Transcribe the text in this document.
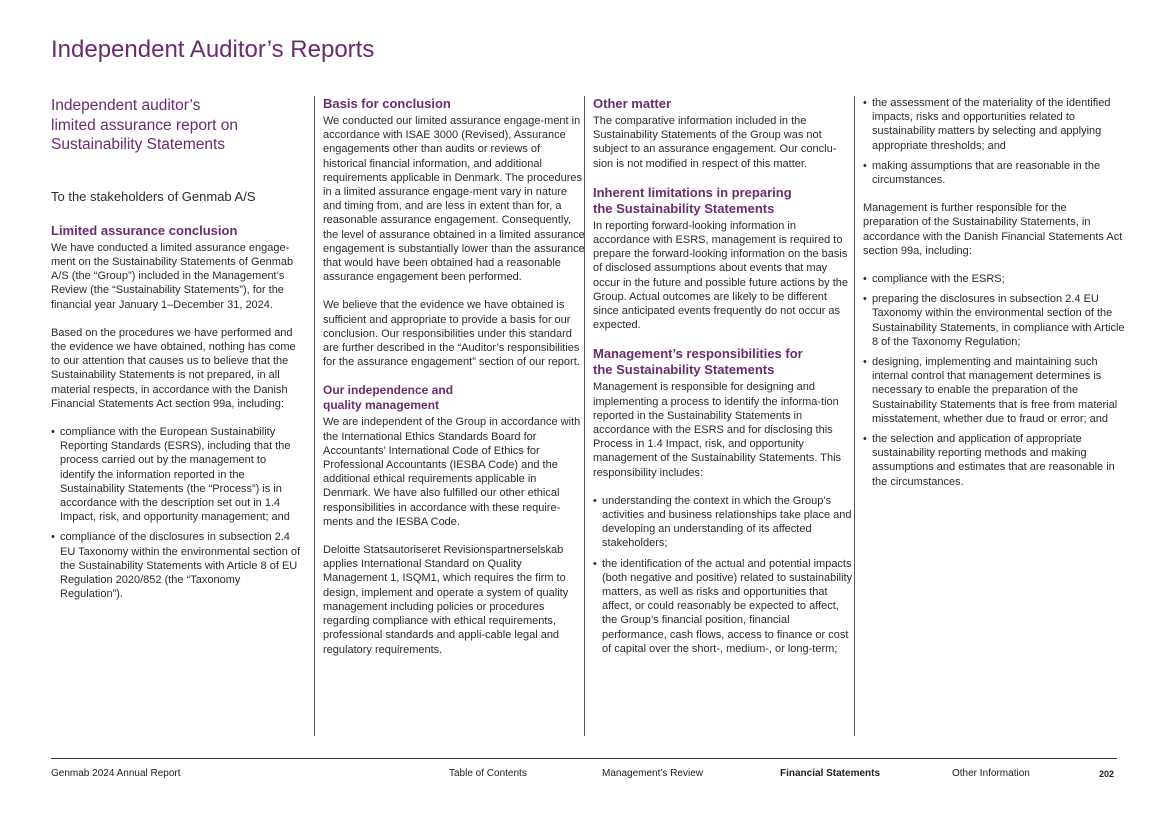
Independent Auditor’s Reports
Independent auditor’s
limited assurance report on
Sustainability Statements

To the stakeholders of Genmab A/S

Limited assurance conclusion

We have conducted a limited assurance engage-ment on the Sustainability Statements of Genmab A/S (the “Group”) included in the Management’s Review (the “Sustainability Statements”), for the financial year January 1–December 31, 2024.

Based on the procedures we have performed and the evidence we have obtained, nothing has come to our attention that causes us to believe that the Sustainability Statements is not prepared, in all material respects, in accordance with the Danish Financial Statements Act section 99a, including:

• compliance with the European Sustainability Reporting Standards (ESRS), including that the process carried out by the management to identify the information reported in the Sustainability Statements (the “Process”) is in accordance with the description set out in 1.4 Impact, risk, and opportunity management; and
• compliance of the disclosures in subsection 2.4 EU Taxonomy within the environmental section of the Sustainability Statements with Article 8 of EU Regulation 2020/852 (the “Taxonomy Regulation”).
Basis for conclusion

We conducted our limited assurance engage-ment in accordance with ISAE 3000 (Revised), Assurance engagements other than audits or reviews of historical financial information, and additional requirements applicable in Denmark. The procedures in a limited assurance engage-ment vary in nature and timing from, and are less in extent than for, a reasonable assurance engagement. Consequently, the level of assurance obtained in a limited assurance engagement is substantially lower than the assurance that would have been obtained had a reasonable assurance engagement been performed.

We believe that the evidence we have obtained is sufficient and appropriate to provide a basis for our conclusion. Our responsibilities under this standard are further described in the “Auditor’s responsibilities for the assurance engagement” section of our report.

Our independence and
quality management

We are independent of the Group in accordance with the International Ethics Standards Board for Accountants’ International Code of Ethics for Professional Accountants (IESBA Code) and the additional ethical requirements applicable in Denmark. We have also fulfilled our other ethical responsibilities in accordance with these require-ments and the IESBA Code.

Deloitte Statsautoriseret Revisionspartnerselskab applies International Standard on Quality Management 1, ISQM1, which requires the firm to design, implement and operate a system of quality management including policies or procedures regarding compliance with ethical requirements, professional standards and appli-cable legal and regulatory requirements.

Other matter

The comparative information included in the Sustainability Statements of the Group was not subject to an assurance engagement. Our conclu-sion is not modified in respect of this matter.

Inherent limitations in preparing
the Sustainability Statements

In reporting forward-looking information in accordance with ESRS, management is required to prepare the forward-looking information on the basis of disclosed assumptions about events that may occur in the future and possible future actions by the Group. Actual outcomes are likely to be different since anticipated events frequently do not occur as expected.

Management’s responsibilities for
the Sustainability Statements

Management is responsible for designing and implementing a process to identify the informa-tion reported in the Sustainability Statements in accordance with the ESRS and for disclosing this Process in 1.4 Impact, risk, and opportunity management of the Sustainability Statements. This responsibility includes:

• understanding the context in which the Group’s activities and business relationships take place and developing an understanding of its affected stakeholders;
• the identification of the actual and potential impacts (both negative and positive) related to sustainability matters, as well as risks and opportunities that affect, or could reasonably be expected to affect, the Group’s financial position, financial performance, cash flows, access to finance or cost of capital over the short-, medium-, or long-term;
• the assessment of the materiality of the identified impacts, risks and opportunities related to sustainability matters by selecting and applying appropriate thresholds; and
• making assumptions that are reasonable in the circumstances.

Management is further responsible for the preparation of the Sustainability Statements, in accordance with the Danish Financial Statements Act section 99a, including:

• compliance with the ESRS;
• preparing the disclosures in subsection 2.4 EU Taxonomy within the environmental section of the Sustainability Statements, in compliance with Article 8 of the Taxonomy Regulation;
• designing, implementing and maintaining such internal control that management determines is necessary to enable the preparation of the Sustainability Statements that is free from material misstatement, whether due to fraud or error; and
• the selection and application of appropriate sustainability reporting methods and making assumptions and estimates that are reasonable in the circumstances.
Genmab 2024 Annual Report	Table of Contents	Management’s Review	Financial Statements	Other Information	202
